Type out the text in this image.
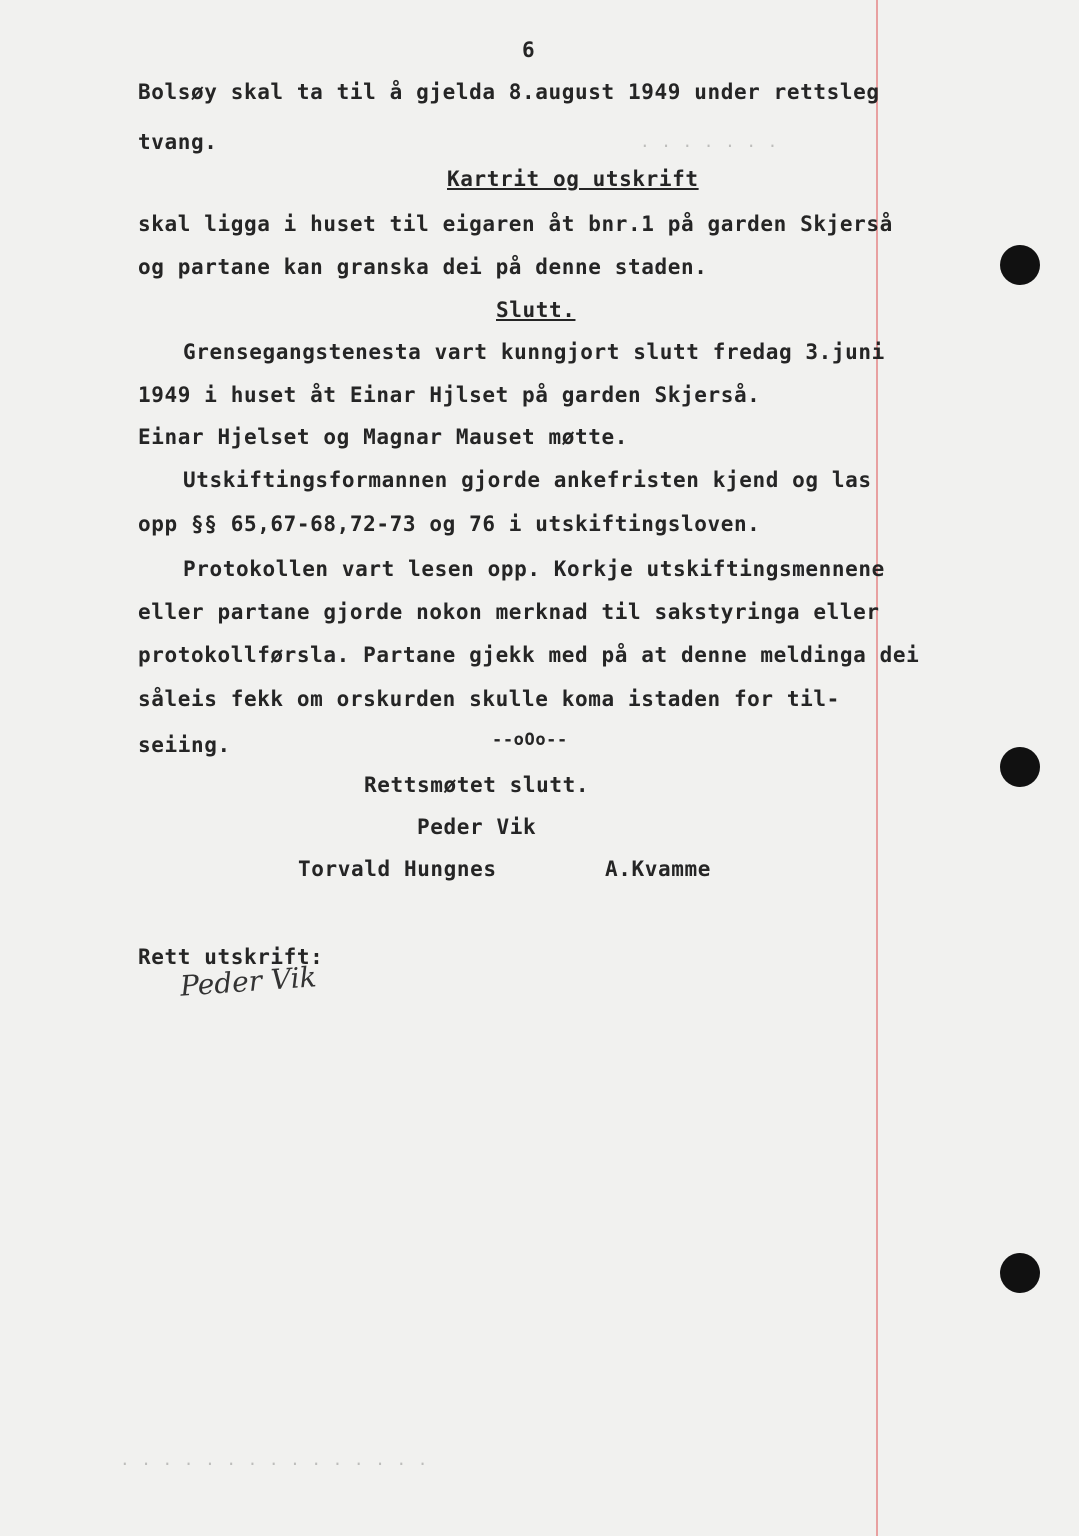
. . . . . . .
. . . . . . . . . . . . . . .
6
Bolsøy skal ta til å gjelda 8.august 1949 under rettsleg
tvang.
Kartrit og utskrift
skal ligga i huset til eigaren åt bnr.1 på garden Skjerså
og partane kan granska dei på denne staden.
Slutt.
Grensegangstenesta vart kunngjort slutt fredag 3.juni
1949 i huset åt Einar Hjlset på garden Skjerså.
Einar Hjelset og Magnar Mauset møtte.
Utskiftingsformannen gjorde ankefristen kjend og las
opp §§ 65,67-68,72-73 og 76 i utskiftingsloven.
Protokollen vart lesen opp. Korkje utskiftingsmennene
eller partane gjorde nokon merknad til sakstyringa eller
protokollførsla. Partane gjekk med på at denne meldinga dei
såleis fekk om orskurden skulle koma istaden for til-
seiing.	--oOo--
Rettsmøtet slutt.
Peder Vik
Torvald Hungnes	A.Kvamme
Rett utskrift:
Peder Vik
